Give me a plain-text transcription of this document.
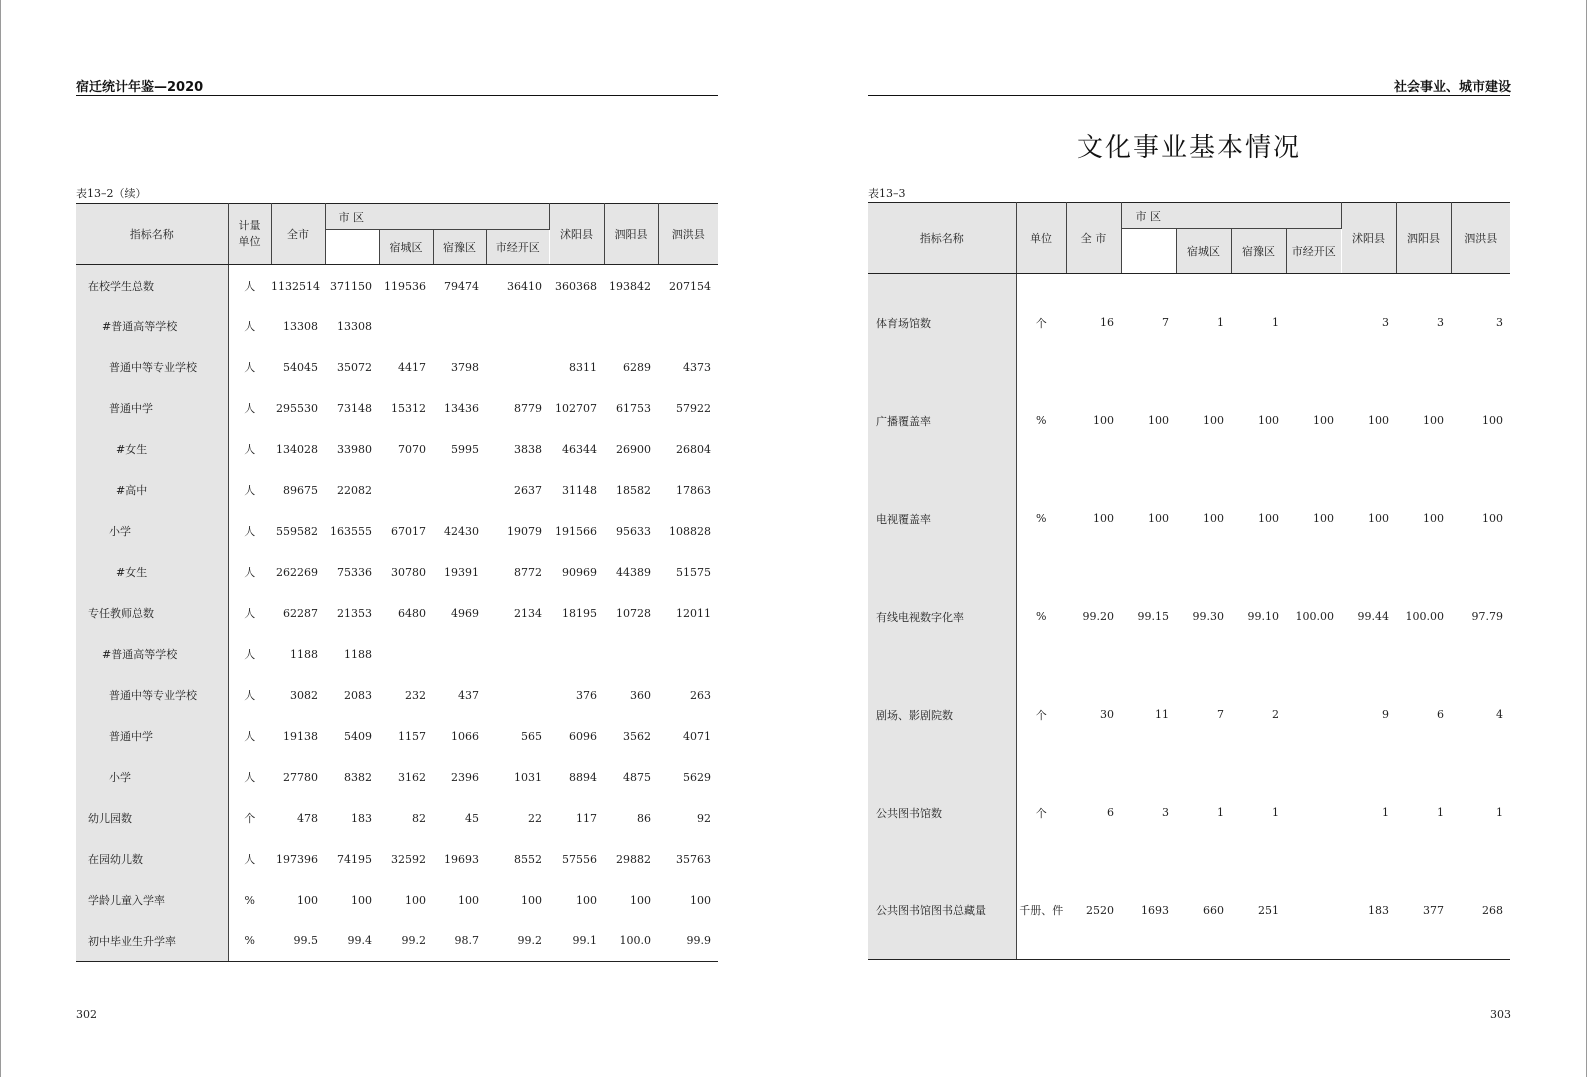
宿迁统计年鉴—2020
表13–2（续）
指标名称	计量单位	全市	市 区				沭阳县	泗阳县	泗洪县
				宿城区	宿豫区	市经开区			
在校学生总数	人	1132514	371150	119536	79474	36410	360368	193842	207154
#普通高等学校	人	13308	13308						
普通中等专业学校	人	54045	35072	4417	3798		8311	6289	4373
普通中学	人	295530	73148	15312	13436	8779	102707	61753	57922
#女生	人	134028	33980	7070	5995	3838	46344	26900	26804
#高中	人	89675	22082			2637	31148	18582	17863
小学	人	559582	163555	67017	42430	19079	191566	95633	108828
#女生	人	262269	75336	30780	19391	8772	90969	44389	51575
专任教师总数	人	62287	21353	6480	4969	2134	18195	10728	12011
#普通高等学校	人	1188	1188						
普通中等专业学校	人	3082	2083	232	437		376	360	263
普通中学	人	19138	5409	1157	1066	565	6096	3562	4071
小学	人	27780	8382	3162	2396	1031	8894	4875	5629
幼儿园数	个	478	183	82	45	22	117	86	92
在园幼儿数	人	197396	74195	32592	19693	8552	57556	29882	35763
学龄儿童入学率	%	100	100	100	100	100	100	100	100
初中毕业生升学率	%	99.5	99.4	99.2	98.7	99.2	99.1	100.0	99.9
302
社会事业、城市建设
文化事业基本情况
表13–3
指标名称	单位	全 市	市 区				沭阳县	泗阳县	泗洪县
				宿城区	宿豫区	市经开区			
体育场馆数	个	16	7	1	1		3	3	3
广播覆盖率	%	100	100	100	100	100	100	100	100
电视覆盖率	%	100	100	100	100	100	100	100	100
有线电视数字化率	%	99.20	99.15	99.30	99.10	100.00	99.44	100.00	97.79
剧场、影剧院数	个	30	11	7	2		9	6	4
公共图书馆数	个	6	3	1	1		1	1	1
公共图书馆图书总藏量	千册、件	2520	1693	660	251		183	377	268
303
